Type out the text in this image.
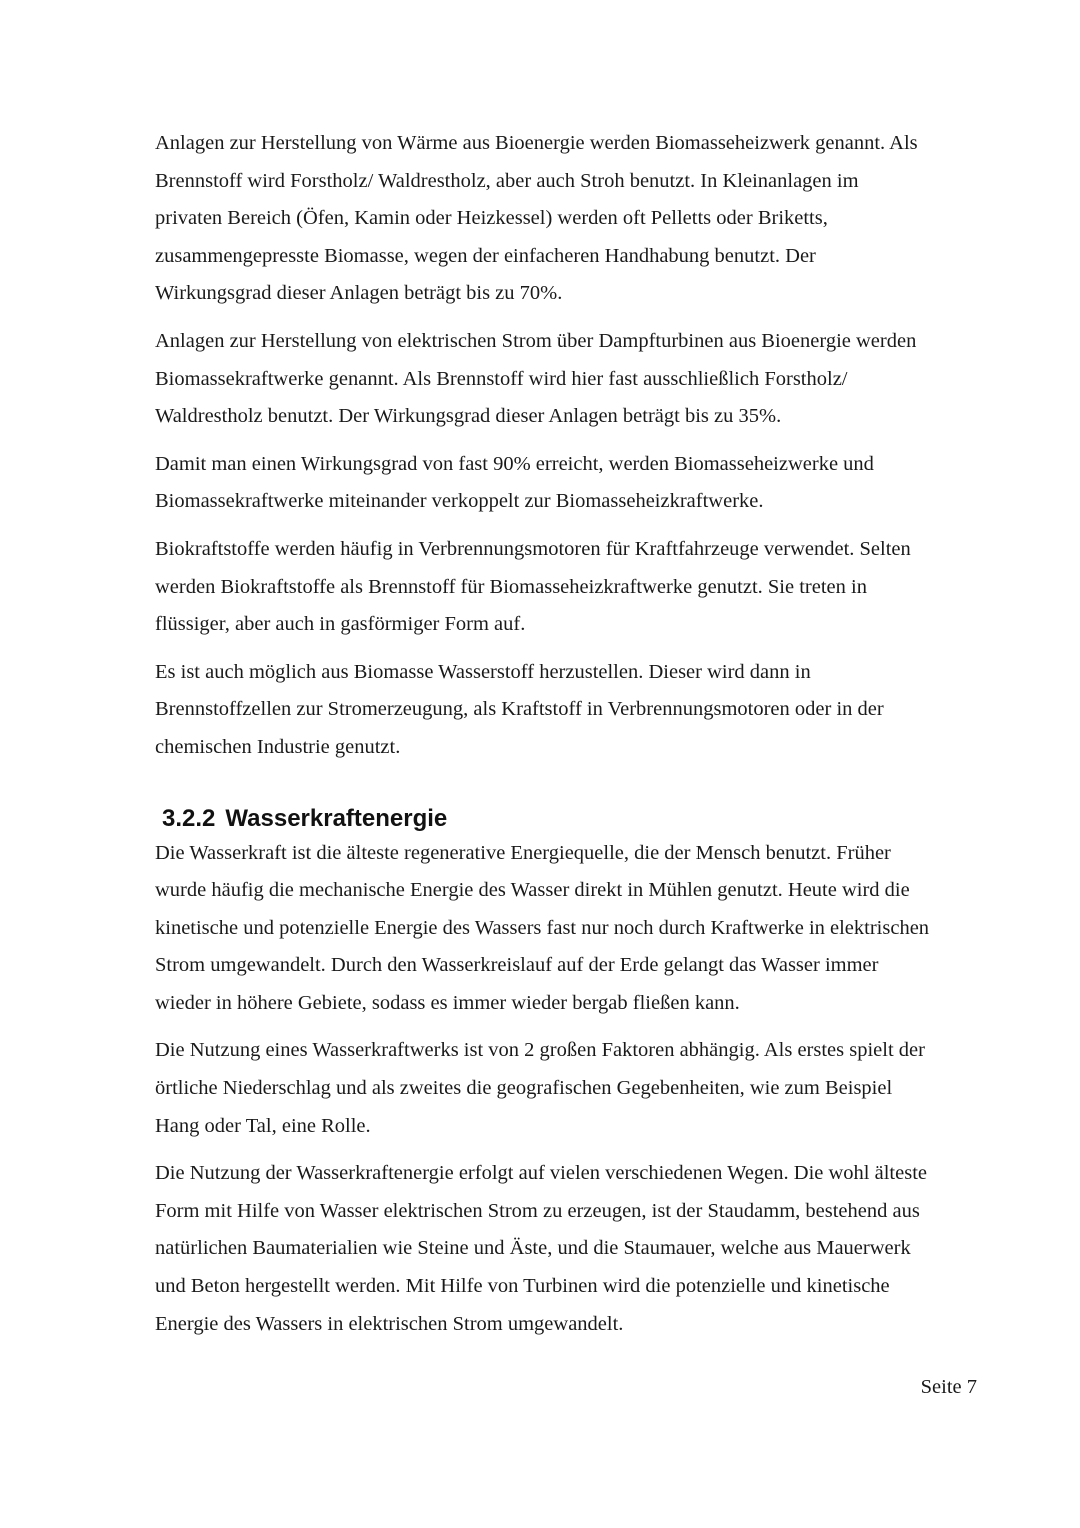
Anlagen zur Herstellung von Wärme aus Bioenergie werden Biomasseheizwerk genannt. Als
Brennstoff wird Forstholz/ Waldrestholz, aber auch Stroh benutzt. In Kleinanlagen im
privaten Bereich (Öfen, Kamin oder Heizkessel) werden oft Pelletts oder Briketts,
zusammengepresste Biomasse, wegen der einfacheren Handhabung benutzt. Der
Wirkungsgrad dieser Anlagen beträgt bis zu 70%.

Anlagen zur Herstellung von elektrischen Strom über Dampfturbinen aus Bioenergie werden
Biomassekraftwerke genannt. Als Brennstoff wird hier fast ausschließlich Forstholz/
Waldrestholz benutzt. Der Wirkungsgrad dieser Anlagen beträgt bis zu 35%.

Damit man einen Wirkungsgrad von fast 90% erreicht, werden Biomasseheizwerke und
Biomassekraftwerke miteinander verkoppelt zur Biomasseheizkraftwerke.

Biokraftstoffe werden häufig in Verbrennungsmotoren für Kraftfahrzeuge verwendet. Selten
werden Biokraftstoffe als Brennstoff für Biomasseheizkraftwerke genutzt. Sie treten in
flüssiger, aber auch in gasförmiger Form auf.

Es ist auch möglich aus Biomasse Wasserstoff herzustellen. Dieser wird dann in
Brennstoffzellen zur Stromerzeugung, als Kraftstoff in Verbrennungsmotoren oder in der
chemischen Industrie genutzt.

3.2.2 Wasserkraftenergie

Die Wasserkraft ist die älteste regenerative Energiequelle, die der Mensch benutzt. Früher
wurde häufig die mechanische Energie des Wasser direkt in Mühlen genutzt. Heute wird die
kinetische und potenzielle Energie des Wassers fast nur noch durch Kraftwerke in elektrischen
Strom umgewandelt. Durch den Wasserkreislauf auf der Erde gelangt das Wasser immer
wieder in höhere Gebiete, sodass es immer wieder bergab fließen kann.

Die Nutzung eines Wasserkraftwerks ist von 2 großen Faktoren abhängig. Als erstes spielt der
örtliche Niederschlag und als zweites die geografischen Gegebenheiten, wie zum Beispiel
Hang oder Tal, eine Rolle.

Die Nutzung der Wasserkraftenergie erfolgt auf vielen verschiedenen Wegen. Die wohl älteste
Form mit Hilfe von Wasser elektrischen Strom zu erzeugen, ist der Staudamm, bestehend aus
natürlichen Baumaterialien wie Steine und Äste, und die Staumauer, welche aus Mauerwerk
und Beton hergestellt werden. Mit Hilfe von Turbinen wird die potenzielle und kinetische
Energie des Wassers in elektrischen Strom umgewandelt.

Seite 7
